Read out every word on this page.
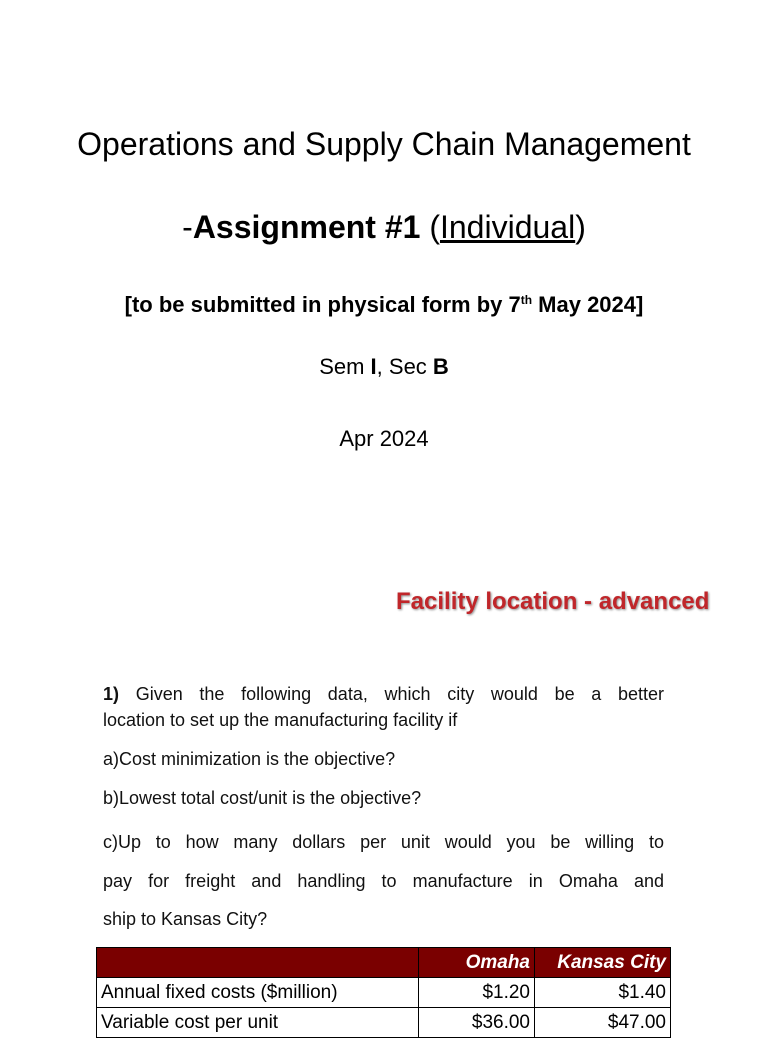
Operations and Supply Chain Management
-Assignment #1 (Individual)
[to be submitted in physical form by 7th May 2024]
Sem I, Sec B
Apr 2024
Facility location - advanced

1) Given the following data, which city would be a better
location to set up the manufacturing facility if

a)Cost minimization is the objective?

b)Lowest total cost/unit is the objective?

c)Up to how many dollars per unit would you be willing to
pay for freight and handling to manufacture in Omaha and
ship to Kansas City?
	Omaha	Kansas City
Annual fixed costs ($million)	$1.20	$1.40
Variable cost per unit	$36.00	$47.00
